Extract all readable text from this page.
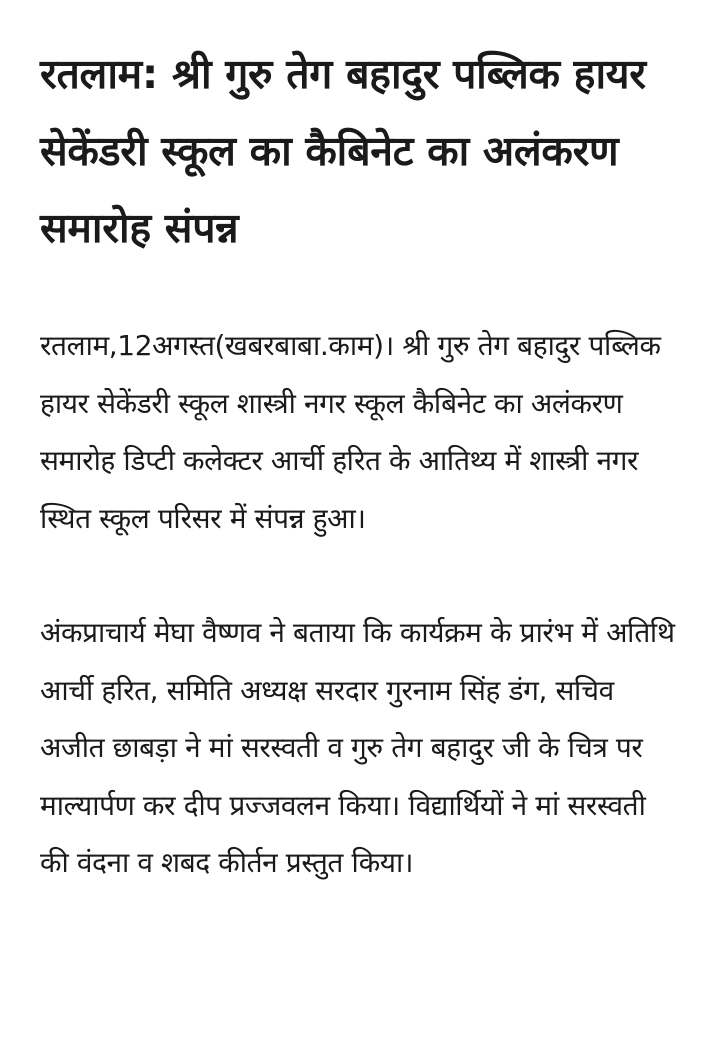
रतलाम: श्री गुरु तेग बहादुर पब्लिक हायर सेकेंडरी स्कूल का कैबिनेट का अलंकरण समारोह संपन्न

रतलाम,12अगस्त(खबरबाबा.काम)। श्री गुरु तेग बहादुर पब्लिक हायर सेकेंडरी स्कूल शास्त्री नगर स्कूल कैबिनेट का अलंकरण समारोह डिप्टी कलेक्टर आर्ची हरित के आतिथ्य में शास्त्री नगर स्थित स्कूल परिसर में संपन्न हुआ।

अंकप्राचार्य मेघा वैष्णव ने बताया कि कार्यक्रम के प्रारंभ में अतिथि आर्ची हरित, समिति अध्यक्ष सरदार गुरनाम सिंह डंग, सचिव अजीत छाबड़ा ने मां सरस्वती व गुरु तेग बहादुर जी के चित्र पर माल्यार्पण कर दीप प्रज्जवलन किया। विद्यार्थियों ने मां सरस्वती की वंदना व शबद कीर्तन प्रस्तुत किया।
